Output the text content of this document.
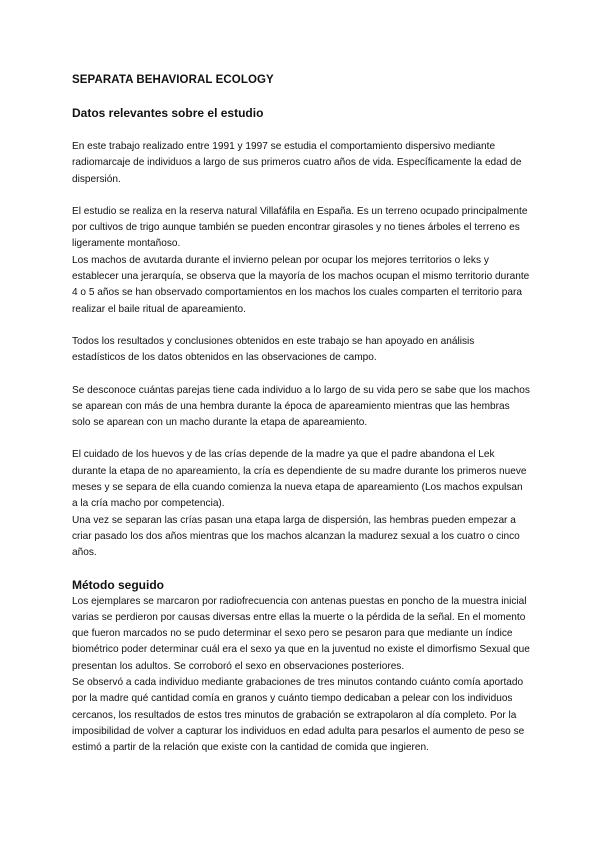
SEPARATA BEHAVIORAL ECOLOGY
Datos relevantes sobre el estudio

En este trabajo realizado entre 1991 y 1997 se estudia el comportamiento dispersivo mediante radiomarcaje de individuos a largo de sus primeros cuatro años de vida. Específicamente la edad de dispersión.

El estudio se realiza en la reserva natural Villafáfila en España. Es un terreno ocupado principalmente por cultivos de trigo aunque también se pueden encontrar girasoles y no tienes árboles el terreno es ligeramente montañoso.

Los machos de avutarda durante el invierno pelean por ocupar los mejores territorios o leks y establecer una jerarquía, se observa que la mayoría de los machos ocupan el mismo territorio durante 4 o 5 años se han observado comportamientos en los machos los cuales comparten el territorio para realizar el baile ritual de apareamiento.

Todos los resultados y conclusiones obtenidos en este trabajo se han apoyado en análisis estadísticos de los datos obtenidos en las observaciones de campo.

Se desconoce cuántas parejas tiene cada individuo a lo largo de su vida pero se sabe que los machos se aparean con más de una hembra durante la época de apareamiento mientras que las hembras solo se aparean con un macho durante la etapa de apareamiento.

El cuidado de los huevos y de las crías depende de la madre ya que el padre abandona el Lek durante la etapa de no apareamiento, la cría es dependiente de su madre durante los primeros nueve meses y se separa de ella cuando comienza la nueva etapa de apareamiento (Los machos expulsan a la cría macho por competencia).

Una vez se separan las crías pasan una etapa larga de dispersión, las hembras pueden empezar a criar pasado los dos años mientras que los machos alcanzan la madurez sexual a los cuatro o cinco años.

Método seguido

Los ejemplares se marcaron por radiofrecuencia con antenas puestas en poncho de la muestra inicial varias se perdieron por causas diversas entre ellas la muerte o la pérdida de la señal. En el momento que fueron marcados no se pudo determinar el sexo pero se pesaron para que mediante un índice biométrico poder determinar cuál era el sexo ya que en la juventud no existe el dimorfismo Sexual que presentan los adultos. Se corroboró el sexo en observaciones posteriores.

Se observó a cada individuo mediante grabaciones de tres minutos contando cuánto comía aportado por la madre qué cantidad comía en granos y cuánto tiempo dedicaban a pelear con los individuos cercanos, los resultados de estos tres minutos de grabación se extrapolaron al día completo. Por la imposibilidad de volver a capturar los individuos en edad adulta para pesarlos el aumento de peso se estimó a partir de la relación que existe con la cantidad de comida que ingieren.
